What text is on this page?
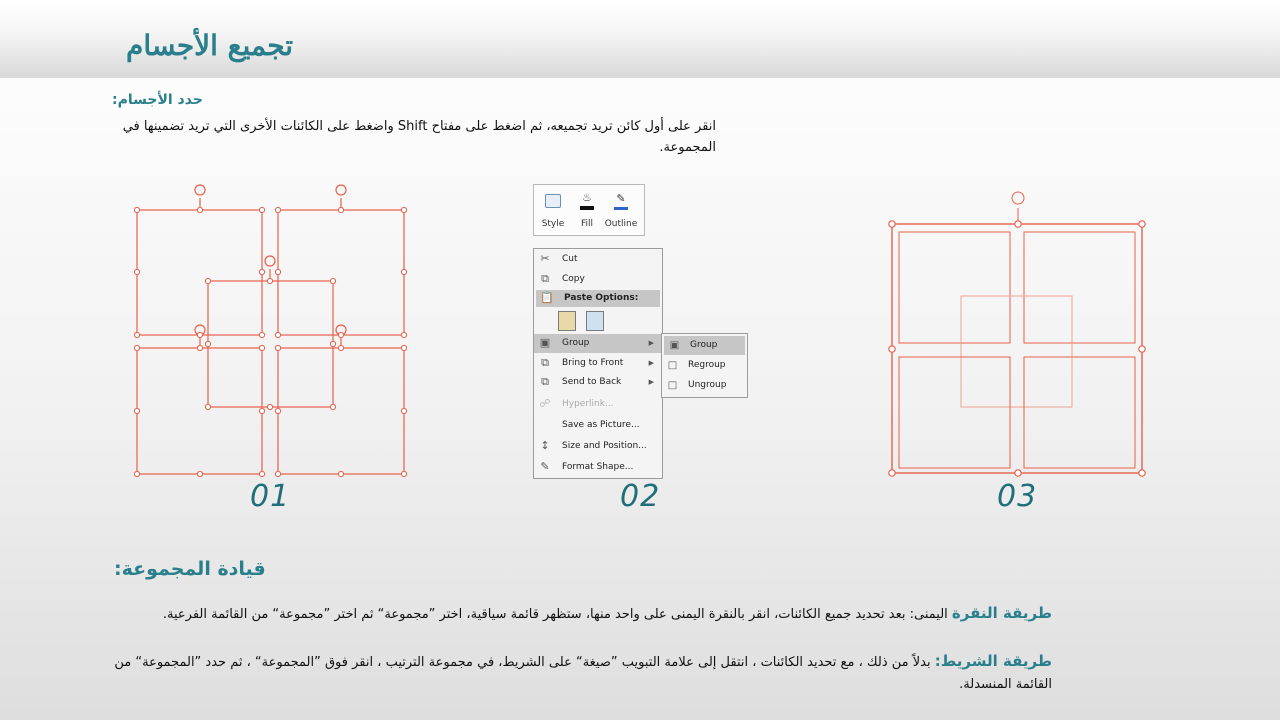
تجميع الأجسام
حدد الأجسام:
انقر على أول كائن تريد تجميعه، ثم اضغط على مفتاح Shift واضغط على الكائنات الأخرى التي تريد تضمينها في المجموعة.
01
Style
♨
Fill
✎
Outline
✂ Cut
⧉	Copy
📋 Paste Options:
▣ Group	▶
⧉	Bring to Front	▶
⧉	Send to Back	▶
☍ Hyperlink...
Save as Picture...
↕ Size and Position...
✎ Format Shape...
▣ Group
□ Regroup
□ Ungroup
02	03
قيادة المجموعة:
طريقة النقرة اليمنى: بعد تحديد جميع الكائنات، انقر بالنقرة اليمنى على واحد منها، ستظهر قائمة سياقية، اختر ”مجموعة“ ثم اختر ”مجموعة“ من القائمة الفرعية.
طريقة الشريط: بدلاً من ذلك ، مع تحديد الكائنات ، انتقل إلى علامة التبويب ”صيغة“ على الشريط، في مجموعة الترتيب ، انقر فوق ”المجموعة“ ، ثم حدد ”المجموعة“ من القائمة المنسدلة.
